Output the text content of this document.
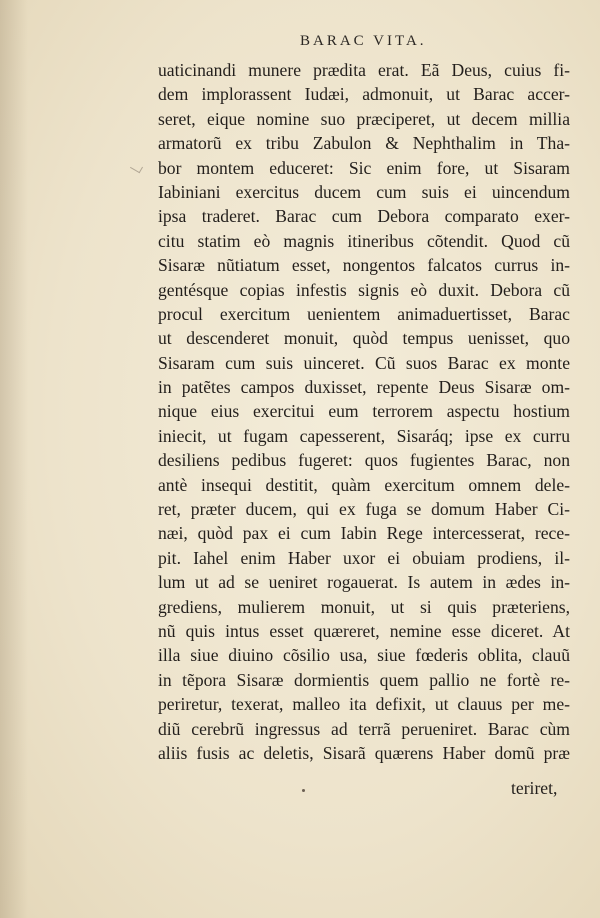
BARAC VITA.
uaticinandi munere prædita erat. Eã Deus, cuius fi-
dem implorassent Iudæi, admonuit, ut Barac accer-
seret, eique nomine suo præciperet, ut decem millia
armatorũ ex tribu Zabulon & Nephthalim in Tha-
bor montem educeret: Sic enim fore, ut Sisaram
Iabiniani exercitus ducem cum suis ei uincendum
ipsa traderet. Barac cum Debora comparato exer-
citu statim eò magnis itineribus cõtendit. Quod cũ
Sisaræ nũtiatum esset, nongentos falcatos currus in-
gentésque copias infestis signis eò duxit. Debora cũ
procul exercitum uenientem animaduertisset, Barac
ut descenderet monuit, quòd tempus uenisset, quo
Sisaram cum suis uinceret. Cũ suos Barac ex monte
in patẽtes campos duxisset, repente Deus Sisaræ om-
nique eius exercitui eum terrorem aspectu hostium
iniecit, ut fugam capesserent, Sisaráq; ipse ex curru
desiliens pedibus fugeret: quos fugientes Barac, non
antè insequi destitit, quàm exercitum omnem dele-
ret, præter ducem, qui ex fuga se domum Haber Ci-
næi, quòd pax ei cum Iabin Rege intercesserat, rece-
pit. Iahel enim Haber uxor ei obuiam prodiens, il-
lum ut ad se ueniret rogauerat. Is autem in ædes in-
grediens, mulierem monuit, ut si quis præteriens,
nũ quis intus esset quæreret, nemine esse diceret. At
illa siue diuino cõsilio usa, siue fœderis oblita, clauũ
in tẽpora Sisaræ dormientis quem pallio ne fortè re-
periretur, texerat, malleo ita defixit, ut clauus per me-
diũ cerebrũ ingressus ad terrã perueniret. Barac cùm
aliis fusis ac deletis, Sisarã quærens Haber domũ præ
teriret,
